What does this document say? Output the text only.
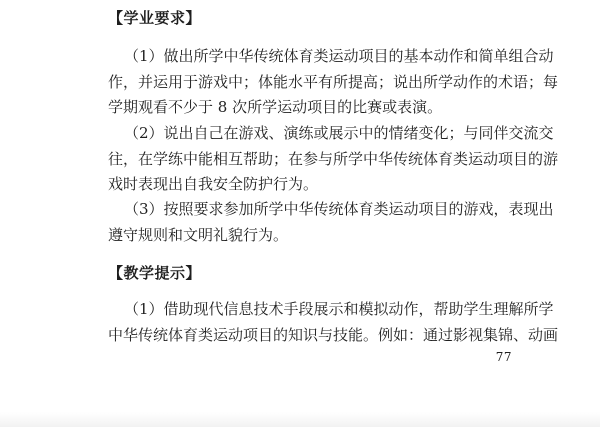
【学业要求】
（1）做出所学中华传统体育类运动项目的基本动作和简单组合动
作，并运用于游戏中；体能水平有所提高；说出所学动作的术语；每
学期观看不少于 8 次所学运动项目的比赛或表演。
（2）说出自己在游戏、演练或展示中的情绪变化；与同伴交流交
往，在学练中能相互帮助；在参与所学中华传统体育类运动项目的游
戏时表现出自我安全防护行为。
（3）按照要求参加所学中华传统体育类运动项目的游戏，表现出
遵守规则和文明礼貌行为。
【教学提示】
（1）借助现代信息技术手段展示和模拟动作，帮助学生理解所学
中华传统体育类运动项目的知识与技能。例如：通过影视集锦、动画
77
